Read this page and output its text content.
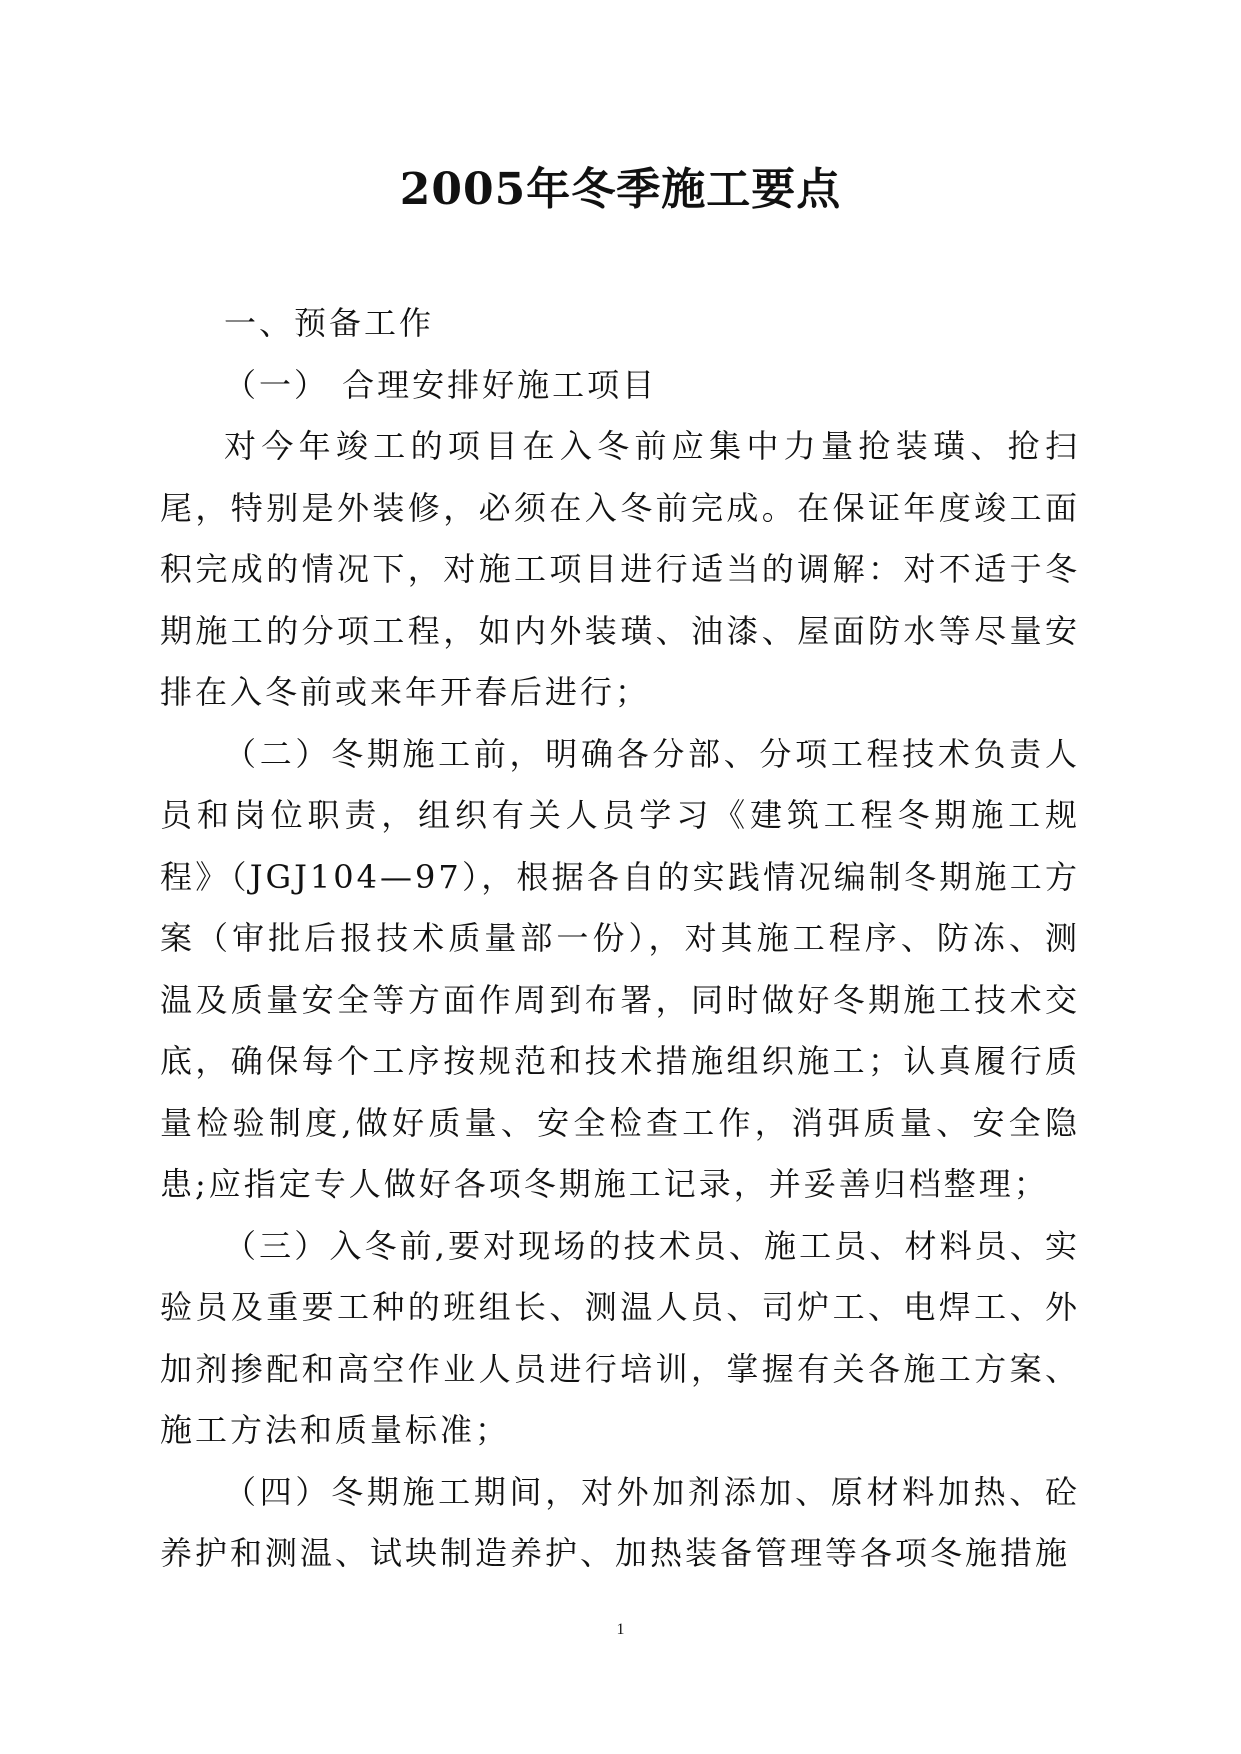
2005年冬季施工要点

一、预备工作

（一） 合理安排好施工项目

对今年竣工的项目在入冬前应集中力量抢装璜、抢扫尾，特别是外装修，必须在入冬前完成。在保证年度竣工面积完成的情况下，对施工项目进行适当的调解：对不适于冬期施工的分项工程，如内外装璜、油漆、屋面防水等尽量安排在入冬前或来年开春后进行；

（二）冬期施工前，明确各分部、分项工程技术负责人员和岗位职责，组织有关人员学习《建筑工程冬期施工规程》（JGJ104—97），根据各自的实践情况编制冬期施工方案（审批后报技术质量部一份），对其施工程序、防冻、测温及质量安全等方面作周到布署，同时做好冬期施工技术交底，确保每个工序按规范和技术措施组织施工；认真履行质量检验制度,做好质量、安全检查工作，消弭质量、安全隐患;应指定专人做好各项冬期施工记录，并妥善归档整理；

（三）入冬前,要对现场的技术员、施工员、材料员、实验员及重要工种的班组长、测温人员、司炉工、电焊工、外加剂掺配和高空作业人员进行培训，掌握有关各施工方案、施工方法和质量标准；

（四）冬期施工期间，对外加剂添加、原材料加热、砼养护和测温、试块制造养护、加热装备管理等各项冬施措施

1
